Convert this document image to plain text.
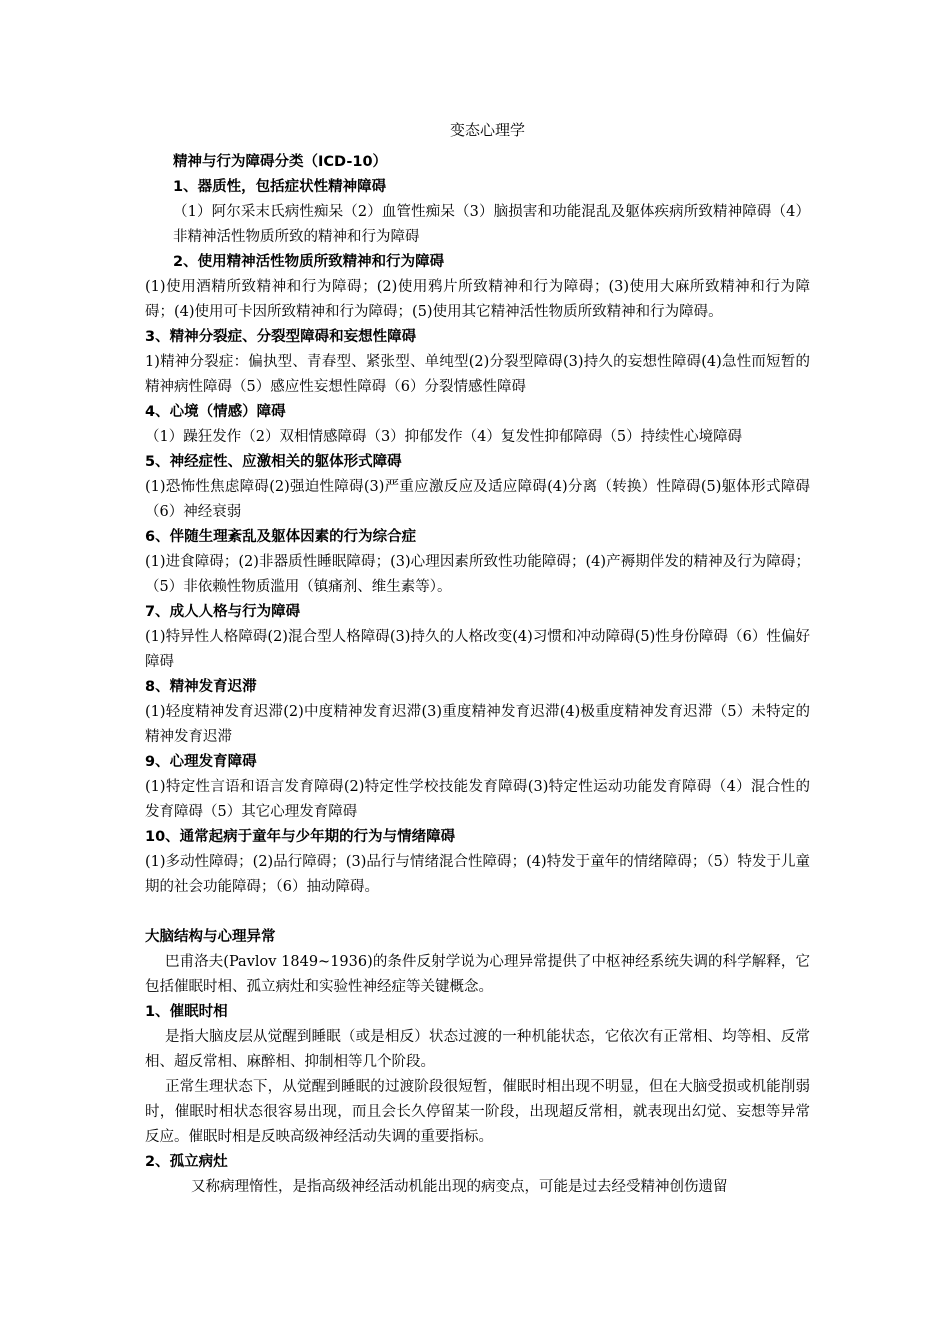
变态心理学
精神与行为障碍分类（ICD-10）
1、器质性，包括症状性精神障碍
（1）阿尔采末氏病性痴呆（2）血管性痴呆（3）脑损害和功能混乱及躯体疾病所致精神障碍（4）非精神活性物质所致的精神和行为障碍
2、使用精神活性物质所致精神和行为障碍
(1)使用酒精所致精神和行为障碍；(2)使用鸦片所致精神和行为障碍；(3)使用大麻所致精神和行为障碍；(4)使用可卡因所致精神和行为障碍；(5)使用其它精神活性物质所致精神和行为障碍。
3、精神分裂症、分裂型障碍和妄想性障碍
1)精神分裂症：偏执型、青春型、紧张型、单纯型(2)分裂型障碍(3)持久的妄想性障碍(4)急性而短暂的精神病性障碍（5）感应性妄想性障碍（6）分裂情感性障碍
4、心境（情感）障碍
（1）躁狂发作（2）双相情感障碍（3）抑郁发作（4）复发性抑郁障碍（5）持续性心境障碍
5、神经症性、应激相关的躯体形式障碍
(1)恐怖性焦虑障碍(2)强迫性障碍(3)严重应激反应及适应障碍(4)分离（转换）性障碍(5)躯体形式障碍（6）神经衰弱
6、伴随生理紊乱及躯体因素的行为综合症
(1)进食障碍；(2)非器质性睡眠障碍；(3)心理因素所致性功能障碍；(4)产褥期伴发的精神及行为障碍；（5）非依赖性物质滥用（镇痛剂、维生素等）。
7、成人人格与行为障碍
(1)特异性人格障碍(2)混合型人格障碍(3)持久的人格改变(4)习惯和冲动障碍(5)性身份障碍（6）性偏好障碍
8、精神发育迟滞
(1)轻度精神发育迟滞(2)中度精神发育迟滞(3)重度精神发育迟滞(4)极重度精神发育迟滞（5）未特定的精神发育迟滞
9、心理发育障碍
(1)特定性言语和语言发育障碍(2)特定性学校技能发育障碍(3)特定性运动功能发育障碍（4）混合性的发育障碍（5）其它心理发育障碍
10、通常起病于童年与少年期的行为与情绪障碍
(1)多动性障碍；(2)品行障碍；(3)品行与情绪混合性障碍；(4)特发于童年的情绪障碍；（5）特发于儿童期的社会功能障碍；（6）抽动障碍。
大脑结构与心理异常
巴甫洛夫(Pavlov 1849~1936)的条件反射学说为心理异常提供了中枢神经系统失调的科学解释，它包括催眠时相、孤立病灶和实验性神经症等关键概念。
1、催眠时相
是指大脑皮层从觉醒到睡眠（或是相反）状态过渡的一种机能状态，它依次有正常相、均等相、反常相、超反常相、麻醉相、抑制相等几个阶段。
正常生理状态下，从觉醒到睡眠的过渡阶段很短暂，催眠时相出现不明显，但在大脑受损或机能削弱时，催眠时相状态很容易出现，而且会长久停留某一阶段，出现超反常相，就表现出幻觉、妄想等异常反应。催眠时相是反映高级神经活动失调的重要指标。
2、孤立病灶
又称病理惰性，是指高级神经活动机能出现的病变点，可能是过去经受精神创伤遗留
